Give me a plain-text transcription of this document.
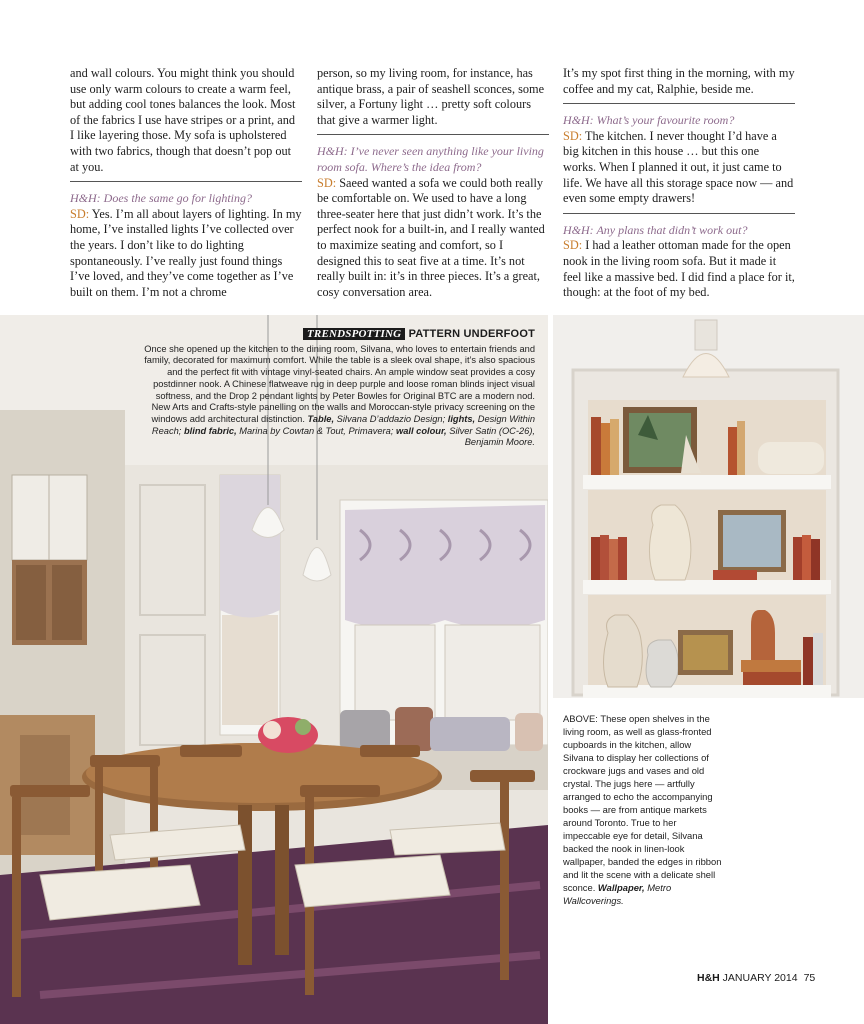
and wall colours. You might think you should use only warm colours to create a warm feel, but adding cool tones balances the look. Most of the fabrics I use have stripes or a print, and I like layering those. My sofa is upholstered with two fabrics, though that doesn’t pop out at you.

H&H: Does the same go for lighting?

SD: Yes. I’m all about layers of lighting. In my home, I’ve installed lights I’ve collected over the years. I don’t like to do lighting spontaneously. I’ve really just found things I’ve loved, and they’ve come together as I’ve built on them. I’m not a chrome

person, so my living room, for instance, has antique brass, a pair of seashell sconces, some silver, a Fortuny light … pretty soft colours that give a warmer light.

H&H: I’ve never seen anything like your living room sofa. Where’s the idea from?

SD: Saeed wanted a sofa we could both really be comfortable on. We used to have a long three-seater here that just didn’t work. It’s the perfect nook for a built-in, and I really wanted to maximize seating and comfort, so I designed this to seat five at a time. It’s not really built in: it’s in three pieces. It’s a great, cosy conversation area.

It’s my spot first thing in the morning, with my coffee and my cat, Ralphie, beside me.

H&H: What’s your favourite room?

SD: The kitchen. I never thought I’d have a big kitchen in this house … but this one works. When I planned it out, it just came to life. We have all this storage space now — and even some empty drawers!

H&H: Any plans that didn’t work out?

SD: I had a leather ottoman made for the open nook in the living room sofa. But it made it feel like a massive bed. I did find a place for it, though: at the foot of my bed.

TRENDSPOTTING PATTERN UNDERFOOT
Once she opened up the kitchen to the dining room, Silvana, who loves to entertain friends and family, decorated for maximum comfort. While the table is a sleek oval shape, it’s also spacious and the perfect fit with vintage vinyl-seated chairs. An ample window seat provides a cosy postdinner nook. A Chinese flatweave rug in deep purple and loose roman blinds inject visual softness, and the Drop 2 pendant lights by Peter Bowles for Original BTC are a modern nod. New Arts and Crafts-style panelling on the walls and Moroccan-style privacy screening on the windows add architectural distinction. Table, Silvana D’addazio Design; lights, Design Within Reach; blind fabric, Marina by Cowtan & Tout, Primavera; wall colour, Silver Satin (OC-26), Benjamin Moore.
ABOVE: These open shelves in the living room, as well as glass-fronted cupboards in the kitchen, allow Silvana to display her collections of crockware jugs and vases and old crystal. The jugs here — artfully arranged to echo the accompanying books — are from antique markets around Toronto. True to her impeccable eye for detail, Silvana backed the nook in linen-look wallpaper, banded the edges in ribbon and lit the scene with a delicate shell sconce. Wallpaper, Metro Wallcoverings.
H&H JANUARY 2014 75
